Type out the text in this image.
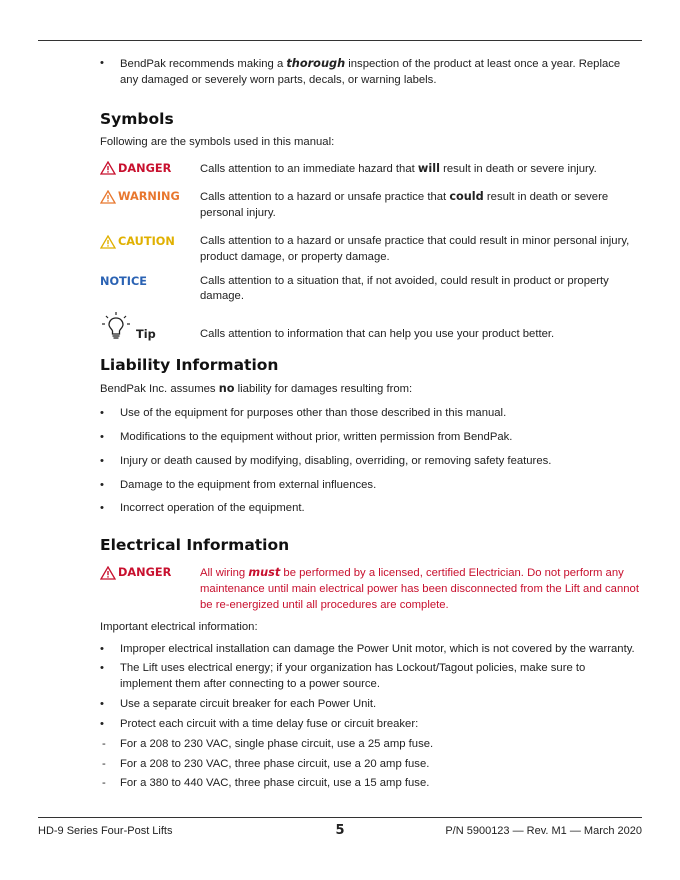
• BendPak recommends making a thorough inspection of the product at least once a year. Replace any damaged or severely worn parts, decals, or warning labels.
Symbols
Following are the symbols used in this manual:
DANGER	Calls attention to an immediate hazard that will result in death or severe injury.
WARNING Calls attention to a hazard or unsafe practice that could result in death or severe personal injury.
CAUTION Calls attention to a hazard or unsafe practice that could result in minor personal injury, product damage, or property damage.
NOTICE	Calls attention to a situation that, if not avoided, could result in product or property damage.
Tip	Calls attention to information that can help you use your product better.
Liability Information
BendPak Inc. assumes no liability for damages resulting from:
• Use of the equipment for purposes other than those described in this manual.
• Modifications to the equipment without prior, written permission from BendPak.
• Injury or death caused by modifying, disabling, overriding, or removing safety features.
• Damage to the equipment from external influences.
• Incorrect operation of the equipment.
Electrical Information
DANGER	All wiring must be performed by a licensed, certified Electrician. Do not perform any maintenance until main electrical power has been disconnected from the Lift and cannot be re-energized until all procedures are complete.
Important electrical information:
• Improper electrical installation can damage the Power Unit motor, which is not covered by the warranty.
• The Lift uses electrical energy; if your organization has Lockout/Tagout policies, make sure to implement them after connecting to a power source.
• Use a separate circuit breaker for each Power Unit.
• Protect each circuit with a time delay fuse or circuit breaker:
- For a 208 to 230 VAC, single phase circuit, use a 25 amp fuse.
- For a 208 to 230 VAC, three phase circuit, use a 20 amp fuse.
- For a 380 to 440 VAC, three phase circuit, use a 15 amp fuse.
HD-9 Series Four-Post Lifts	5	P/N 5900123 — Rev. M1 — March 2020
